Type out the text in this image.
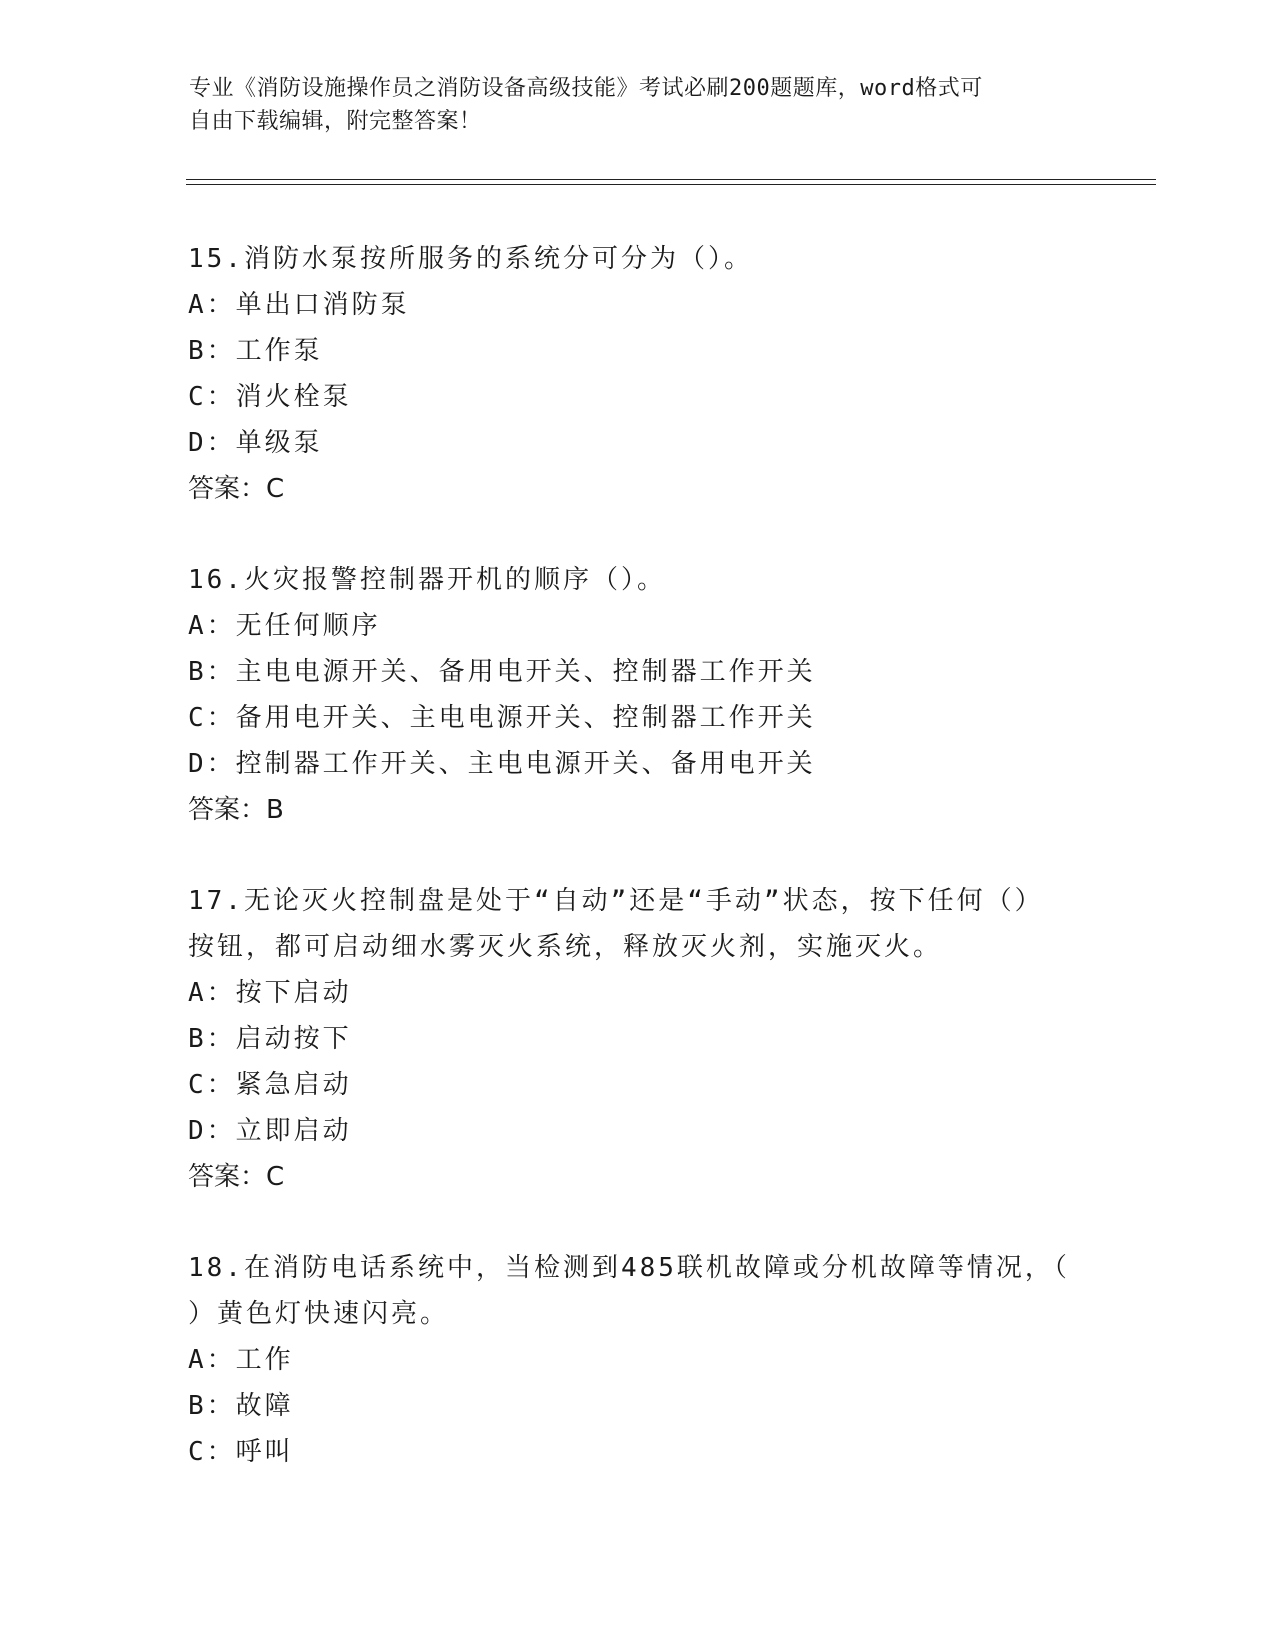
专业《消防设施操作员之消防设备高级技能》考试必刷200题题库，word格式可
自由下载编辑，附完整答案！
15.消防水泵按所服务的系统分可分为（）。
A：单出口消防泵
B：工作泵
C：消火栓泵
D：单级泵
答案：C
16.火灾报警控制器开机的顺序（）。
A：无任何顺序
B：主电电源开关、备用电开关、控制器工作开关
C：备用电开关、主电电源开关、控制器工作开关
D：控制器工作开关、主电电源开关、备用电开关
答案：B
17.无论灭火控制盘是处于“自动”还是“手动”状态，按下任何（）
按钮，都可启动细水雾灭火系统，释放灭火剂，实施灭火。
A：按下启动
B：启动按下
C：紧急启动
D：立即启动
答案：C
18.在消防电话系统中，当检测到485联机故障或分机故障等情况，（
）黄色灯快速闪亮。
A：工作
B：故障
C：呼叫
